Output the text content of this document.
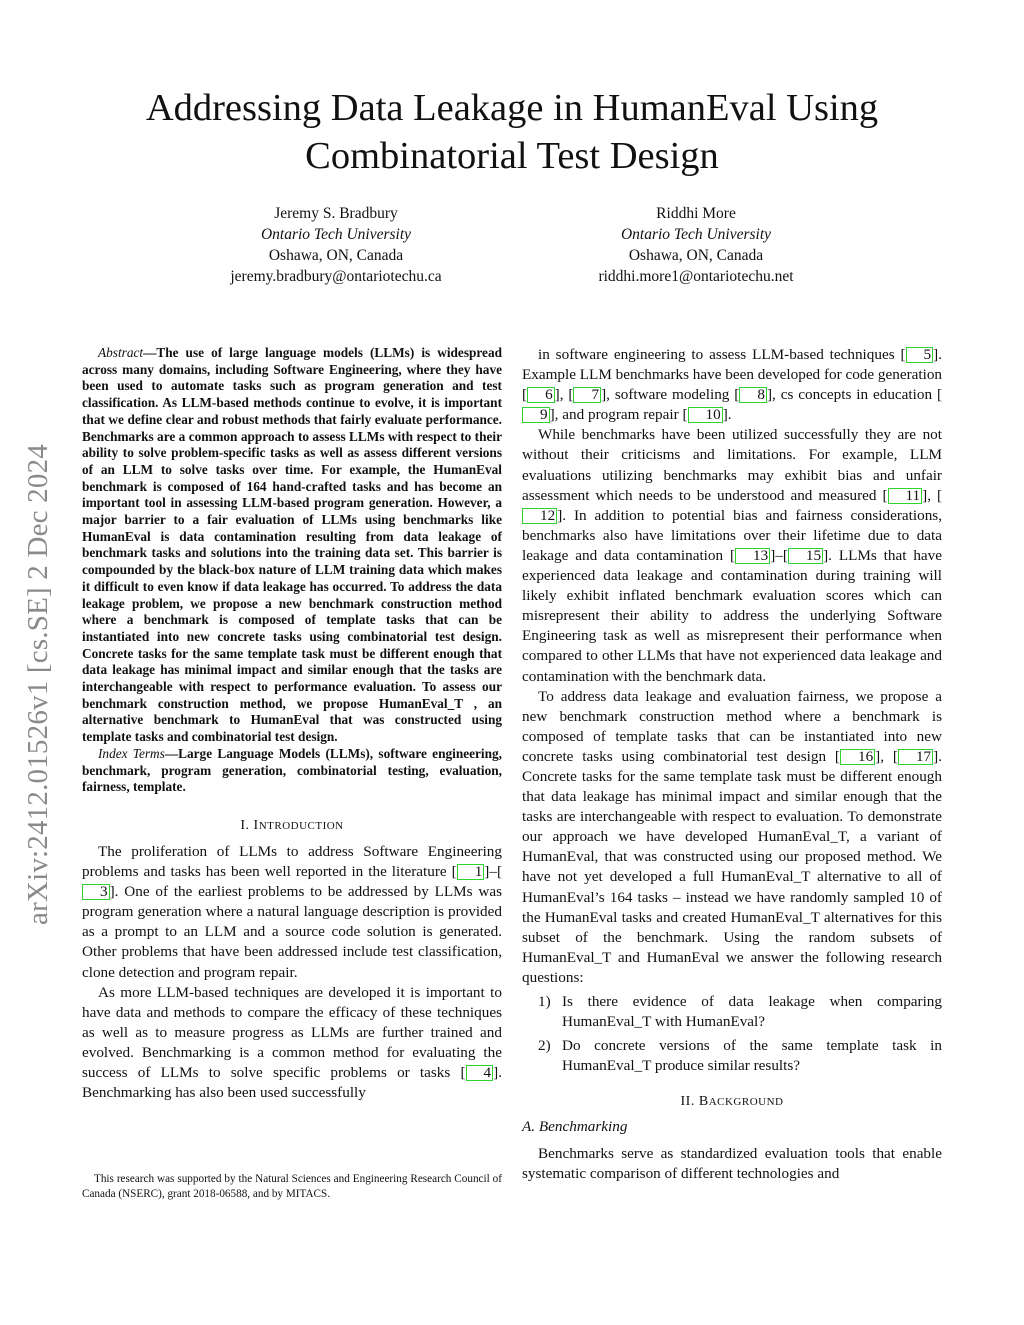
Addressing Data Leakage in HumanEval Using
Combinatorial Test Design
Jeremy S. Bradbury
Ontario Tech University
Oshawa, ON, Canada
jeremy.bradbury@ontariotechu.ca
Riddhi More
Ontario Tech University
Oshawa, ON, Canada
riddhi.more1@ontariotechu.net
arXiv:2412.01526v1 [cs.SE] 2 Dec 2024

Abstract—The use of large language models (LLMs) is widespread across many domains, including Software Engineering, where they have been used to automate tasks such as program generation and test classification. As LLM-based methods continue to evolve, it is important that we define clear and robust methods that fairly evaluate performance. Benchmarks are a common approach to assess LLMs with respect to their ability to solve problem-specific tasks as well as assess different versions of an LLM to solve tasks over time. For example, the HumanEval benchmark is composed of 164 hand-crafted tasks and has become an important tool in assessing LLM-based program generation. However, a major barrier to a fair evaluation of LLMs using benchmarks like HumanEval is data contamination resulting from data leakage of benchmark tasks and solutions into the training data set. This barrier is compounded by the black-box nature of LLM training data which makes it difficult to even know if data leakage has occurred. To address the data leakage problem, we propose a new benchmark construction method where a benchmark is composed of template tasks that can be instantiated into new concrete tasks using combinatorial test design. Concrete tasks for the same template task must be different enough that data leakage has minimal impact and similar enough that the tasks are interchangeable with respect to performance evaluation. To assess our benchmark construction method, we propose HumanEval_T , an alternative benchmark to HumanEval that was constructed using template tasks and combinatorial test design.

Index Terms—Large Language Models (LLMs), software engineering, benchmark, program generation, combinatorial testing, evaluation, fairness, template.

I. INTRODUCTION

The proliferation of LLMs to address Software Engineering problems and tasks has been well reported in the literature [ 1 ]–[3 ]. One of the earliest problems to be addressed by LLMs was program generation where a natural language description is provided as a prompt to an LLM and a source code solution is generated. Other problems that have been addressed include test classification, clone detection and program repair.

As more LLM-based techniques are developed it is important to have data and methods to compare the efficacy of these techniques as well as to measure progress as LLMs are further trained and evolved. Benchmarking is a common method for evaluating the success of LLMs to solve specific problems or tasks [ 4 ]. Benchmarking has also been used successfully

This research was supported by the Natural Sciences and Engineering Research Council of Canada (NSERC), grant 2018-06588, and by MITACS.

in software engineering to assess LLM-based techniques [ 5 ]. Example LLM benchmarks have been developed for code generation [ 6 ], [ 7 ], software modeling [ 8 ], cs concepts in education [9 ], and program repair [ 10 ].

While benchmarks have been utilized successfully they are not without their criticisms and limitations. For example, LLM evaluations utilizing benchmarks may exhibit bias and unfair assessment which needs to be understood and measured [ 11 ], [12 ]. In addition to potential bias and fairness considerations, benchmarks also have limitations over their lifetime due to data leakage and data contamination [ 13 ]–[ 15 ]. LLMs that have experienced data leakage and contamination during training will likely exhibit inflated benchmark evaluation scores which can misrepresent their ability to address the underlying Software Engineering task as well as misrepresent their performance when compared to other LLMs that have not experienced data leakage and contamination with the benchmark data.

To address data leakage and evaluation fairness, we propose a new benchmark construction method where a benchmark is composed of template tasks that can be instantiated into new concrete tasks using combinatorial test design [ 16 ], [ 17 ]. Concrete tasks for the same template task must be different enough that data leakage has minimal impact and similar enough that the tasks are interchangeable with respect to evaluation. To demonstrate our approach we have developed HumanEval_T, a variant of HumanEval, that was constructed using our proposed method. We have not yet developed a full HumanEval_T alternative to all of HumanEval’s 164 tasks – instead we have randomly sampled 10 of the HumanEval tasks and created HumanEval_T alternatives for this subset of the benchmark. Using the random subsets of HumanEval_T and HumanEval we answer the following research questions:

1) Is there evidence of data leakage when comparing HumanEval_T with HumanEval?
2) Do concrete versions of the same template task in HumanEval_T produce similar results?
II. BACKGROUND
A. Benchmarking

Benchmarks serve as standardized evaluation tools that enable systematic comparison of different technologies and
